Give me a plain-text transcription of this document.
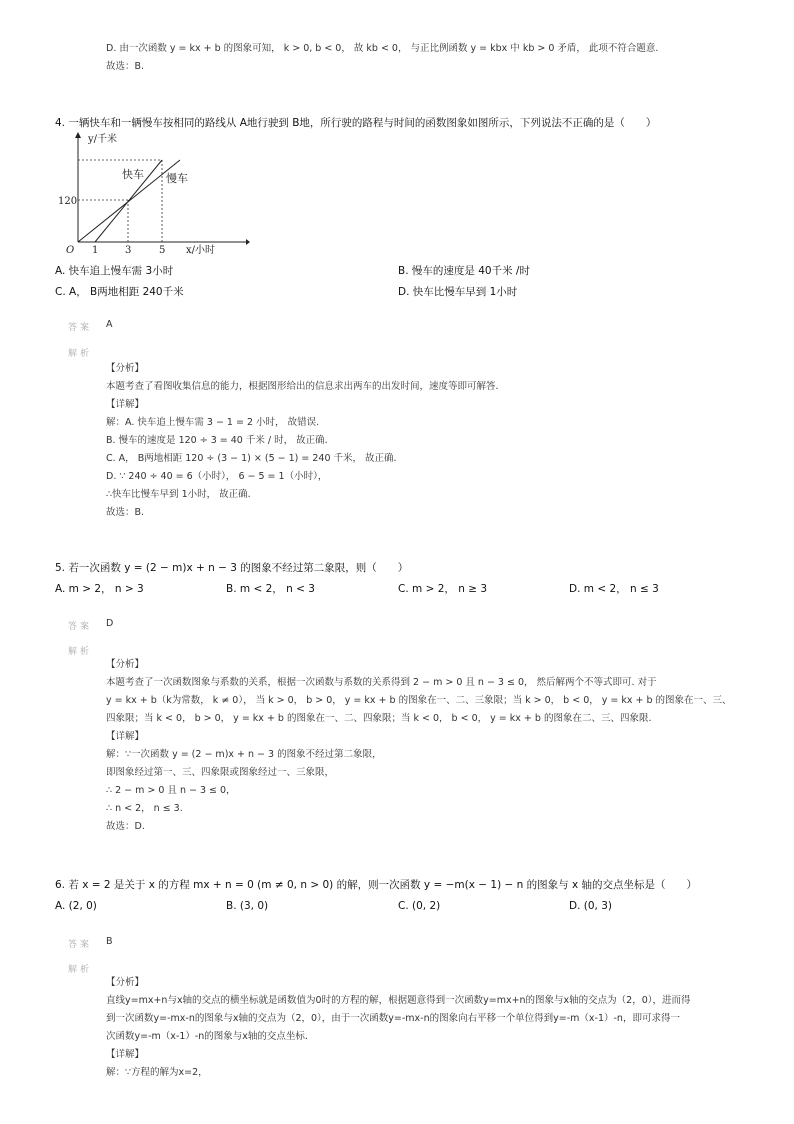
D. 由一次函数 y = kx + b 的图象可知， k > 0, b < 0， 故 kb < 0， 与正比例函数 y = kbx 中 kb > 0 矛盾， 此项不符合题意.
故选：B.
4. 一辆快车和一辆慢车按相同的路线从 A地行驶到 B地，所行驶的路程与时间的函数图象如图所示，下列说法不正确的是（　　）
y/千米
x/小时
O 1	3	5
120
快车 慢车
A. 快车追上慢车需 3小时	B. 慢车的速度是 40千米 /时
C. A， B两地相距 240千米	D. 快车比慢车早到 1小时
答案 A
解析
【分析】
本题考查了看图收集信息的能力，根据图形给出的信息求出两车的出发时间，速度等即可解答.
【详解】
解：A. 快车追上慢车需 3 − 1 = 2 小时， 故错误.
B. 慢车的速度是 120 ÷ 3 = 40 千米 / 时， 故正确.
C. A， B两地相距 120 ÷ (3 − 1) × (5 − 1) = 240 千米， 故正确.
D. ∵ 240 ÷ 40 = 6（小时）， 6 − 5 = 1（小时），
∴快车比慢车早到 1小时， 故正确.
故选：B.
5. 若一次函数 y = (2 − m)x + n − 3 的图象不经过第二象限，则（　　）
A. m > 2， n > 3	B. m < 2， n < 3	C. m > 2， n ≥ 3	D. m < 2， n ≤ 3
答案 D
解析
【分析】
本题考查了一次函数图象与系数的关系，根据一次函数与系数的关系得到 2 − m > 0 且 n − 3 ≤ 0， 然后解两个不等式即可. 对于
y = kx + b（k为常数， k ≠ 0）， 当 k > 0， b > 0， y = kx + b 的图象在一、二、三象限；当 k > 0， b < 0， y = kx + b 的图象在一、三、
四象限；当 k < 0， b > 0， y = kx + b 的图象在一、二、四象限；当 k < 0， b < 0， y = kx + b 的图象在二、三、四象限.
【详解】
解：∵一次函数 y = (2 − m)x + n − 3 的图象不经过第二象限，
即图象经过第一、三、四象限或图象经过一、三象限，
∴ 2 − m > 0 且 n − 3 ≤ 0，
∴ n < 2， n ≤ 3.
故选：D.
6. 若 x = 2 是关于 x 的方程 mx + n = 0 (m ≠ 0, n > 0) 的解，则一次函数 y = −m(x − 1) − n 的图象与 x 轴的交点坐标是（　　）
A. (2, 0)	B. (3, 0)	C. (0, 2)	D. (0, 3)
答案 B
解析
【分析】
直线y=mx+n与x轴的交点的横坐标就是函数值为0时的方程的解，根据题意得到一次函数y=mx+n的图象与x轴的交点为（2，0），进而得
到一次函数y=-mx-n的图象与x轴的交点为（2，0），由于一次函数y=-mx-n的图象向右平移一个单位得到y=-m（x-1）-n，即可求得一
次函数y=-m（x-1）-n的图象与x轴的交点坐标.
【详解】
解：∵方程的解为x=2，
